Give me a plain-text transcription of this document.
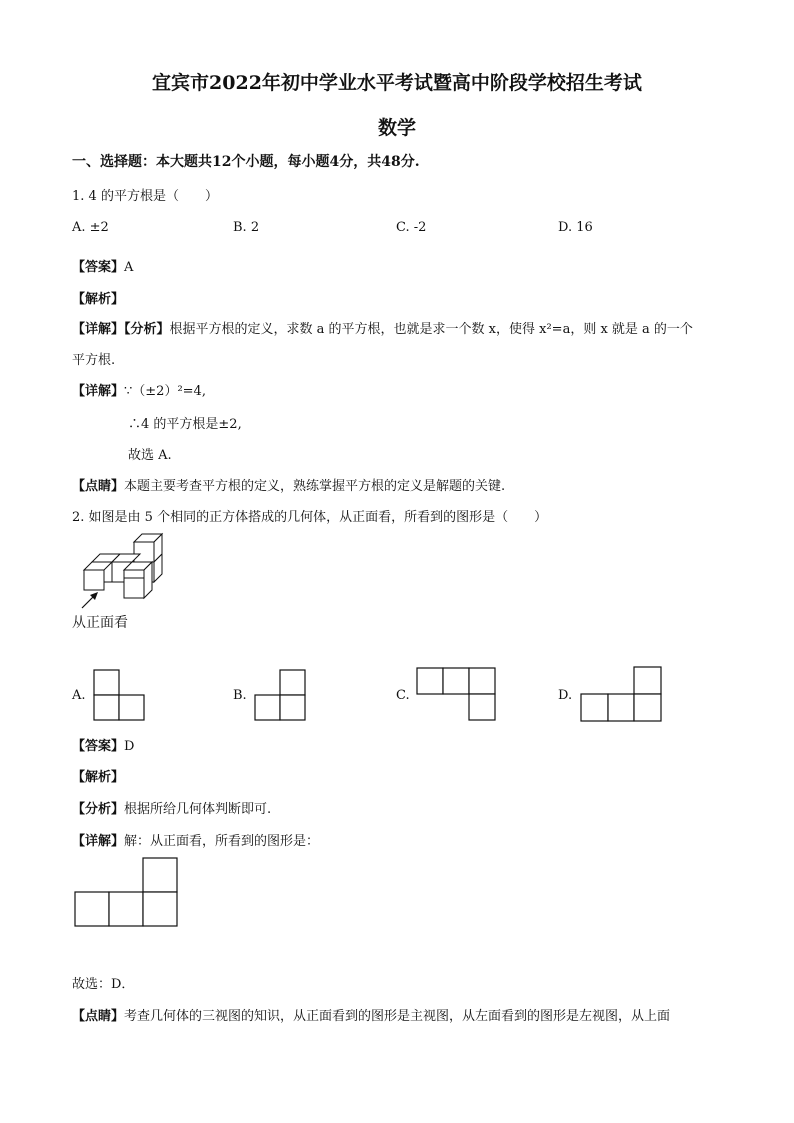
宜宾市2022年初中学业水平考试暨高中阶段学校招生考试
数学
一、选择题：本大题共12个小题，每小题4分，共48分.
1. 4 的平方根是（　　）
A. ±2	B. 2	C. -2	D. 16
【答案】A
【解析】
【详解】【分析】根据平方根的定义，求数 a 的平方根，也就是求一个数 x，使得 x²=a，则 x 就是 a 的一个
平方根.
【详解】∵（±2）²=4,
∴4 的平方根是±2,
故选 A.
【点睛】本题主要考查平方根的定义，熟练掌握平方根的定义是解题的关键.
2. 如图是由 5 个相同的正方体搭成的几何体，从正面看，所看到的图形是（　　）
从正面看
A.	B.	C.	D.
【答案】D
【解析】
【分析】根据所给几何体判断即可.
【详解】解：从正面看，所看到的图形是：
故选：D．
【点睛】考查几何体的三视图的知识，从正面看到的图形是主视图，从左面看到的图形是左视图，从上面
